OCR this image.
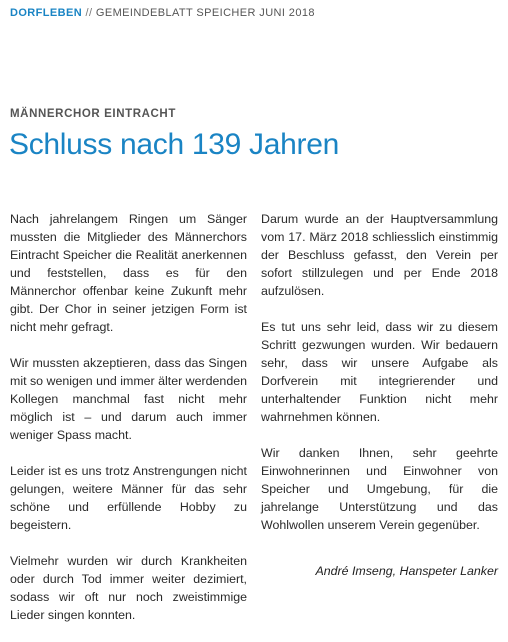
DORFLEBEN // GEMEINDEBLATT SPEICHER JUNI 2018
MÄNNERCHOR EINTRACHT
Schluss nach 139 Jahren

Nach jahrelangem Ringen um Sänger mussten die Mitglieder des Männerchors Eintracht Speicher die Realität anerkennen und feststellen, dass es für den Männerchor offenbar keine Zukunft mehr gibt. Der Chor in seiner jetzigen Form ist nicht mehr gefragt.

Wir mussten akzeptieren, dass das Singen mit so wenigen und immer älter werdenden Kollegen manchmal fast nicht mehr möglich ist – und darum auch immer weniger Spass macht.

Leider ist es uns trotz Anstrengungen nicht gelungen, weitere Männer für das sehr schöne und erfüllende Hobby zu begeistern.

Vielmehr wurden wir durch Krankheiten oder durch Tod immer weiter dezimiert, sodass wir oft nur noch zweistimmige Lieder singen konnten.

Darum wurde an der Hauptversammlung vom 17. März 2018 schliesslich einstimmig der Beschluss gefasst, den Verein per sofort stillzulegen und per Ende 2018 aufzulösen.

Es tut uns sehr leid, dass wir zu diesem Schritt gezwungen wurden. Wir bedauern sehr, dass wir unsere Aufgabe als Dorfverein mit integrierender und unterhaltender Funktion nicht mehr wahrnehmen können.

Wir danken Ihnen, sehr geehrte Einwohnerinnen und Einwohner von Speicher und Umgebung, für die jahrelange Unterstützung und das Wohlwollen unserem Verein gegenüber.

André Imseng, Hanspeter Lanker
